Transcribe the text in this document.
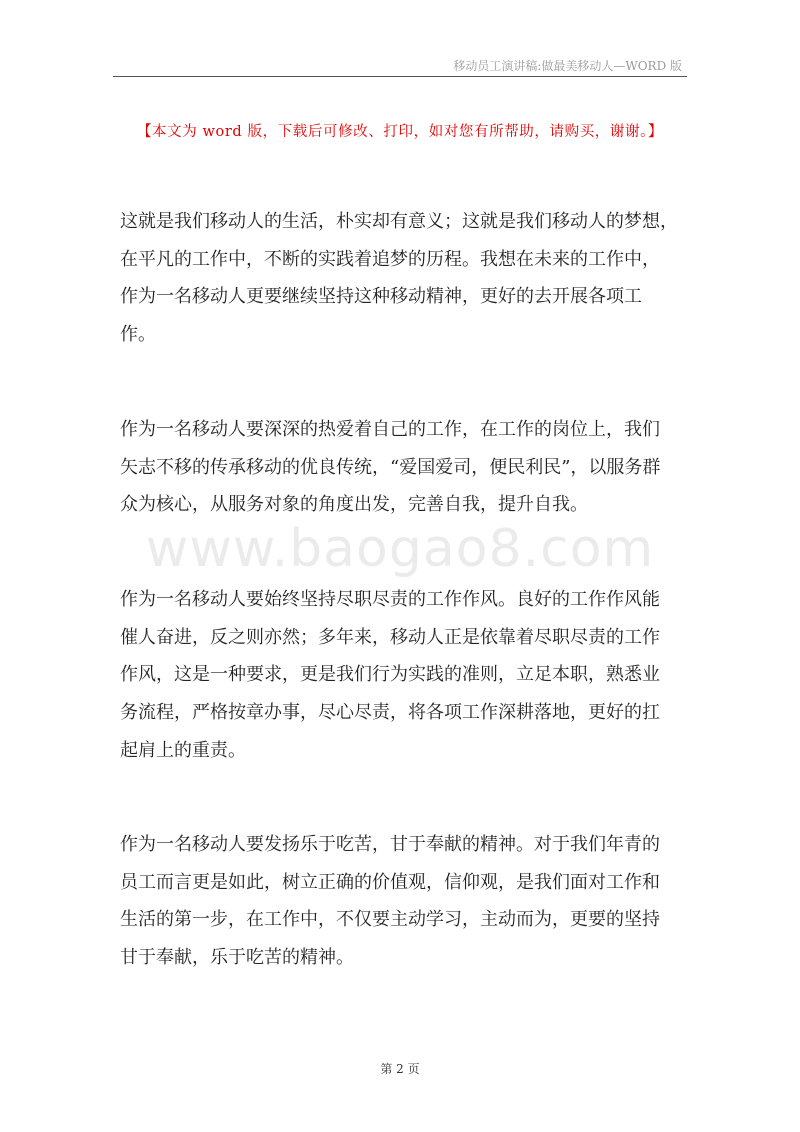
移动员工演讲稿:做最美移动人—WORD 版
【本文为 word 版，下载后可修改、打印，如对您有所帮助，请购买，谢谢。】
www.baogao8.com
这就是我们移动人的生活，朴实却有意义；这就是我们移动人的梦想，
在平凡的工作中，不断的实践着追梦的历程。我想在未来的工作中，
作为一名移动人更要继续坚持这种移动精神，更好的去开展各项工
作。
作为一名移动人要深深的热爱着自己的工作，在工作的岗位上，我们
矢志不移的传承移动的优良传统，“爱国爱司，便民利民”，以服务群
众为核心，从服务对象的角度出发，完善自我，提升自我。
作为一名移动人要始终坚持尽职尽责的工作作风。良好的工作作风能
催人奋进，反之则亦然；多年来，移动人正是依靠着尽职尽责的工作
作风，这是一种要求，更是我们行为实践的准则，立足本职，熟悉业
务流程，严格按章办事，尽心尽责，将各项工作深耕落地，更好的扛
起肩上的重责。
作为一名移动人要发扬乐于吃苦，甘于奉献的精神。对于我们年青的
员工而言更是如此，树立正确的价值观，信仰观，是我们面对工作和
生活的第一步，在工作中，不仅要主动学习，主动而为，更要的坚持
甘于奉献，乐于吃苦的精神。
第 2 页
